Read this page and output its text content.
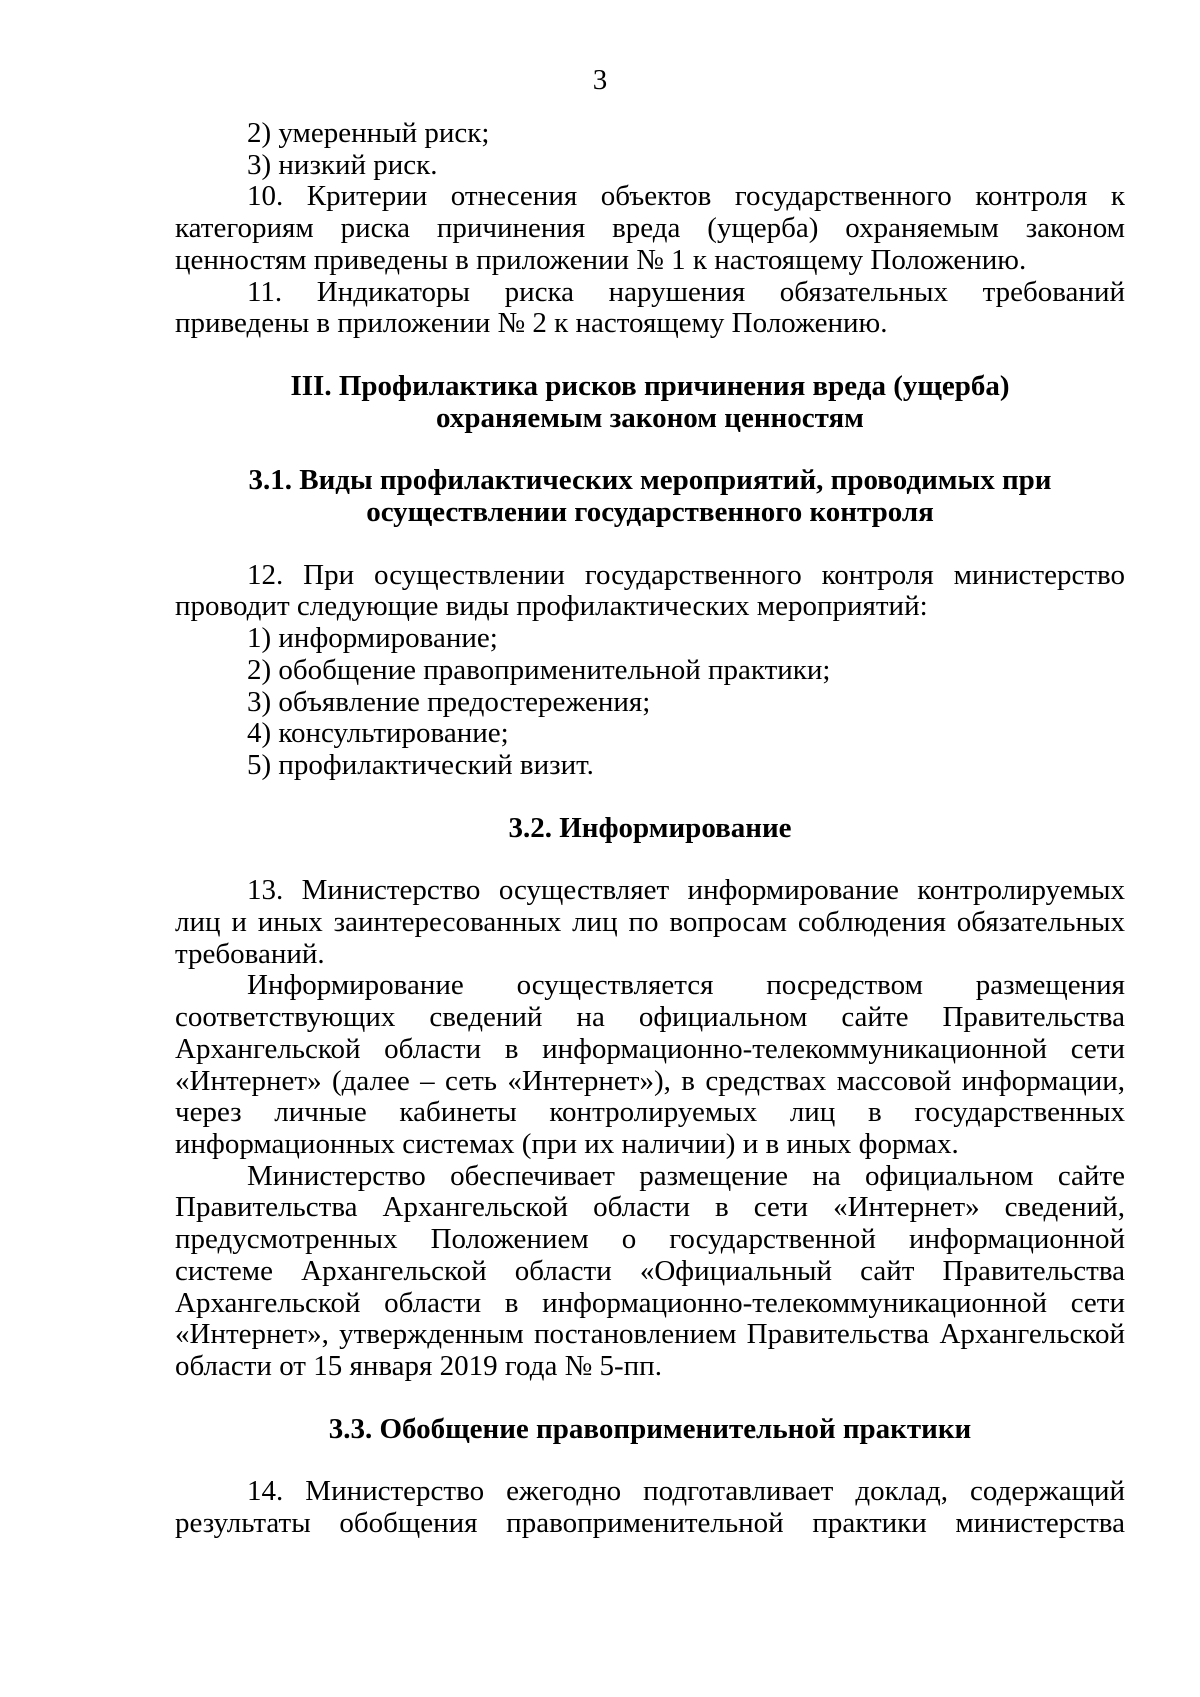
3

2) умеренный риск;

3) низкий риск.

10. Критерии отнесения объектов государственного контроля к категориям риска причинения вреда (ущерба) охраняемым законом ценностям приведены в приложении № 1 к настоящему Положению.

11. Индикаторы риска нарушения обязательных требований приведены в приложении № 2 к настоящему Положению.

III. Профилактика рисков причинения вреда (ущерба)
охраняемым законом ценностям
3.1. Виды профилактических мероприятий, проводимых при
осуществлении государственного контроля

12. При осуществлении государственного контроля министерство проводит следующие виды профилактических мероприятий:

1) информирование;

2) обобщение правоприменительной практики;

3) объявление предостережения;

4) консультирование;

5) профилактический визит.

3.2. Информирование

13. Министерство осуществляет информирование контролируемых лиц и иных заинтересованных лиц по вопросам соблюдения обязательных требований.

Информирование осуществляется посредством размещения соответствующих сведений на официальном сайте Правительства Архангельской области в информационно-телекоммуникационной сети «Интернет» (далее – сеть «Интернет»), в средствах массовой информации, через личные кабинеты контролируемых лиц в государственных информационных системах (при их наличии) и в иных формах.

Министерство обеспечивает размещение на официальном сайте Правительства Архангельской области в сети «Интернет» сведений, предусмотренных Положением о государственной информационной системе Архангельской области «Официальный сайт Правительства Архангельской области в информационно-телекоммуникационной сети «Интернет», утвержденным постановлением Правительства Архангельской области от 15 января 2019 года № 5-пп.

3.3. Обобщение правоприменительной практики

14. Министерство ежегодно подготавливает доклад, содержащий результаты обобщения правоприменительной практики министерства
